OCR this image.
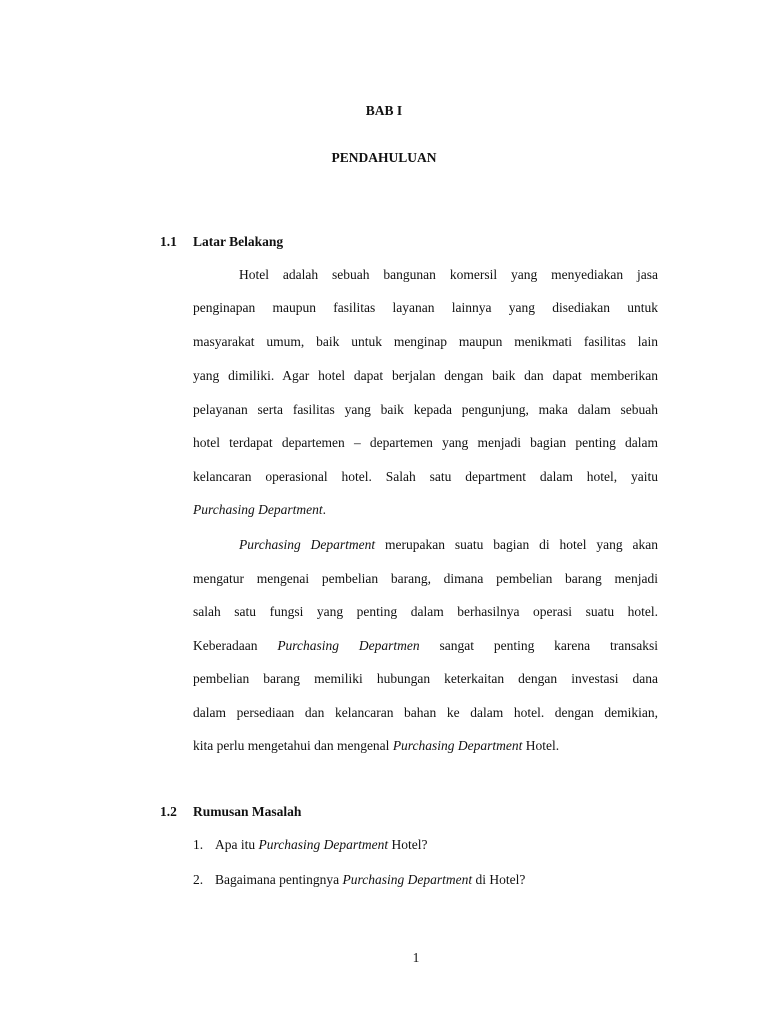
BAB I
PENDAHULUAN
1.1 Latar Belakang
Hotel adalah sebuah bangunan komersil yang menyediakan jasa
penginapan maupun fasilitas layanan lainnya yang disediakan untuk
masyarakat umum, baik untuk menginap maupun menikmati fasilitas lain
yang dimiliki. Agar hotel dapat berjalan dengan baik dan dapat memberikan
pelayanan serta fasilitas yang baik kepada pengunjung, maka dalam sebuah
hotel terdapat departemen – departemen yang menjadi bagian penting dalam
kelancaran operasional hotel. Salah satu department dalam hotel, yaitu
Purchasing Department.
Purchasing Department merupakan suatu bagian di hotel yang akan
mengatur mengenai pembelian barang, dimana pembelian barang menjadi
salah satu fungsi yang penting dalam berhasilnya operasi suatu hotel.
Keberadaan Purchasing Departmen sangat penting karena transaksi
pembelian barang memiliki hubungan keterkaitan dengan investasi dana
dalam persediaan dan kelancaran bahan ke dalam hotel. dengan demikian,
kita perlu mengetahui dan mengenal Purchasing Department Hotel.
1.2 Rumusan Masalah
1. Apa itu Purchasing Department Hotel?
2. Bagaimana pentingnya Purchasing Department di Hotel?
1
